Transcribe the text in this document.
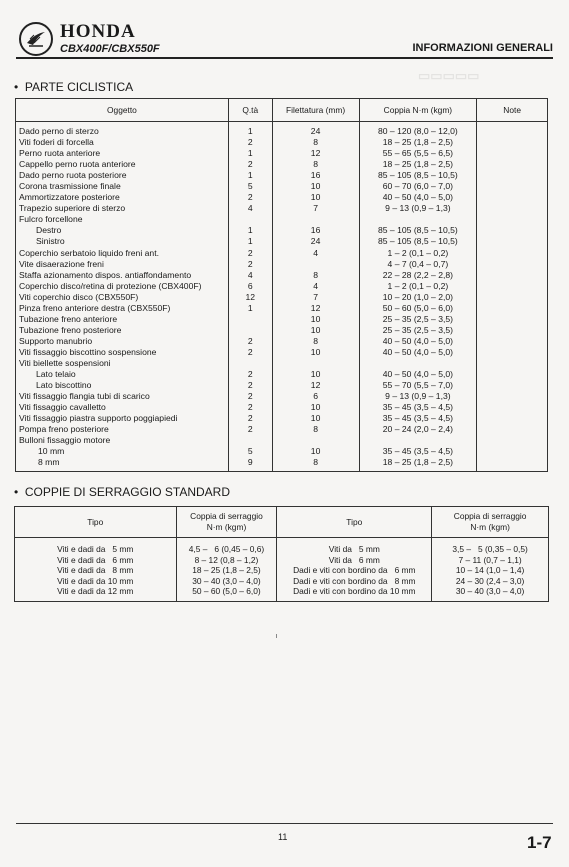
HONDA
CBX400F/CBX550F	INFORMAZIONI GENERALI
▭▭▭▭▭
• PARTE CICLISTICA
Oggetto	Q.tà	Filettatura (mm)	Coppia N·m (kgm)	Note
Dado perno di sterzo	1	24	80 – 120 (8,0 – 12,0)	
Viti foderi di forcella	2	8	18 – 25 (1,8 – 2,5)	
Perno ruota anteriore	1	12	55 – 65 (5,5 – 6,5)	
Cappello perno ruota anteriore	2	8	18 – 25 (1,8 – 2,5)	
Dado perno ruota posteriore	1	16	85 – 105 (8,5 – 10,5)	
Corona trasmissione finale	5	10	60 – 70 (6,0 – 7,0)	
Ammortizzatore posteriore	2	10	40 – 50 (4,0 – 5,0)	
Trapezio superiore di sterzo	4	7	9 – 13 (0,9 – 1,3)	
Fulcro forcellone				
Destro	1	16	85 – 105 (8,5 – 10,5)	
Sinistro	1	24	85 – 105 (8,5 – 10,5)	
Coperchio serbatoio liquido freni ant.	2	4	1 – 2 (0,1 – 0,2)	
Vite disaerazione freni	2		4 – 7 (0,4 – 0,7)	
Staffa azionamento dispos. antiaffondamento	4	8	22 – 28 (2,2 – 2,8)	
Coperchio disco/retina di protezione (CBX400F)	6	4	1 – 2 (0,1 – 0,2)	
Viti coperchio disco (CBX550F)	12	7	10 – 20 (1,0 – 2,0)	
Pinza freno anteriore destra (CBX550F)	1	12	50 – 60 (5,0 – 6,0)	
Tubazione freno anteriore		10	25 – 35 (2,5 – 3,5)	
Tubazione freno posteriore		10	25 – 35 (2,5 – 3,5)	
Supporto manubrio	2	8	40 – 50 (4,0 – 5,0)	
Viti fissaggio biscottino sospensione	2	10	40 – 50 (4,0 – 5,0)	
Viti biellette sospensioni				
Lato telaio	2	10	40 – 50 (4,0 – 5,0)	
Lato biscottino	2	12	55 – 70 (5,5 – 7,0)	
Viti fissaggio flangia tubi di scarico	2	6	9 – 13 (0,9 – 1,3)	
Viti fissaggio cavalletto	2	10	35 – 45 (3,5 – 4,5)	
Viti fissaggio piastra supporto poggiapiedi	2	10	35 – 45 (3,5 – 4,5)	
Pompa freno posteriore	2	8	20 – 24 (2,0 – 2,4)	
Bulloni fissaggio motore				
10 mm	5	10	35 – 45 (3,5 – 4,5)	
8 mm	9	8	18 – 25 (1,8 – 2,5)	
• COPPIE DI SERRAGGIO STANDARD
Tipo	Coppia di serraggio
N·m (kgm)	Tipo	Coppia di serraggio
N·m (kgm)
Viti e dadi da   5 mm	4,5 –   6 (0,45 – 0,6)	Viti da   5 mm	3,5 –   5 (0,35 – 0,5)
Viti e dadi da   6 mm	8 – 12 (0,8 – 1,2)	Viti da   6 mm	7 – 11 (0,7 – 1,1)
Viti e dadi da   8 mm	18 – 25 (1,8 – 2,5)	Dadi e viti con bordino da   6 mm	10 – 14 (1,0 – 1,4)
Viti e dadi da 10 mm	30 – 40 (3,0 – 4,0)	Dadi e viti con bordino da   8 mm	24 – 30 (2,4 – 3,0)
Viti e dadi da 12 mm	50 – 60 (5,0 – 6,0)	Dadi e viti con bordino da 10 mm	30 – 40 (3,0 – 4,0)
11	1-7
